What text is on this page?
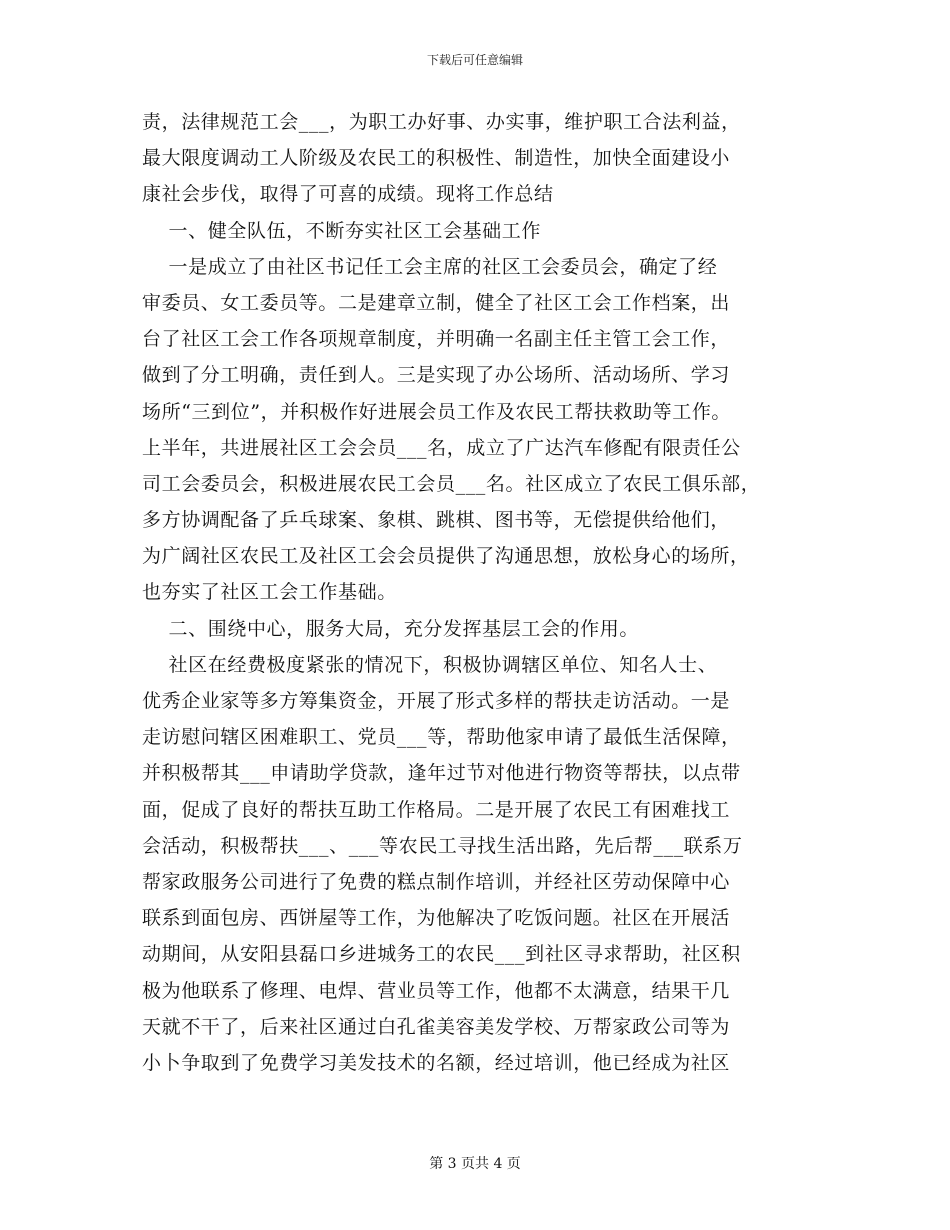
下载后可任意编辑
责，法律规范工会___，为职工办好事、办实事，维护职工合法利益，
最大限度调动工人阶级及农民工的积极性、制造性，加快全面建设小
康社会步伐，取得了可喜的成绩。现将工作总结
一、健全队伍，不断夯实社区工会基础工作
一是成立了由社区书记任工会主席的社区工会委员会，确定了经
审委员、女工委员等。二是建章立制，健全了社区工会工作档案，出
台了社区工会工作各项规章制度，并明确一名副主任主管工会工作，
做到了分工明确，责任到人。三是实现了办公场所、活动场所、学习
场所“三到位”，并积极作好进展会员工作及农民工帮扶救助等工作。
上半年，共进展社区工会会员___名，成立了广达汽车修配有限责任公
司工会委员会，积极进展农民工会员___名。社区成立了农民工俱乐部，
多方协调配备了乒乓球案、象棋、跳棋、图书等，无偿提供给他们，
为广阔社区农民工及社区工会会员提供了沟通思想，放松身心的场所，
也夯实了社区工会工作基础。
二、围绕中心，服务大局，充分发挥基层工会的作用。
社区在经费极度紧张的情况下，积极协调辖区单位、知名人士、
优秀企业家等多方筹集资金，开展了形式多样的帮扶走访活动。一是
走访慰问辖区困难职工、党员___等，帮助他家申请了最低生活保障，
并积极帮其___申请助学贷款，逢年过节对他进行物资等帮扶，以点带
面，促成了良好的帮扶互助工作格局。二是开展了农民工有困难找工
会活动，积极帮扶___、___等农民工寻找生活出路，先后帮___联系万
帮家政服务公司进行了免费的糕点制作培训，并经社区劳动保障中心
联系到面包房、西饼屋等工作，为他解决了吃饭问题。社区在开展活
动期间，从安阳县磊口乡进城务工的农民___到社区寻求帮助，社区积
极为他联系了修理、电焊、营业员等工作，他都不太满意，结果干几
天就不干了，后来社区通过白孔雀美容美发学校、万帮家政公司等为
小卜争取到了免费学习美发技术的名额，经过培训，他已经成为社区
第 3 页共 4 页
